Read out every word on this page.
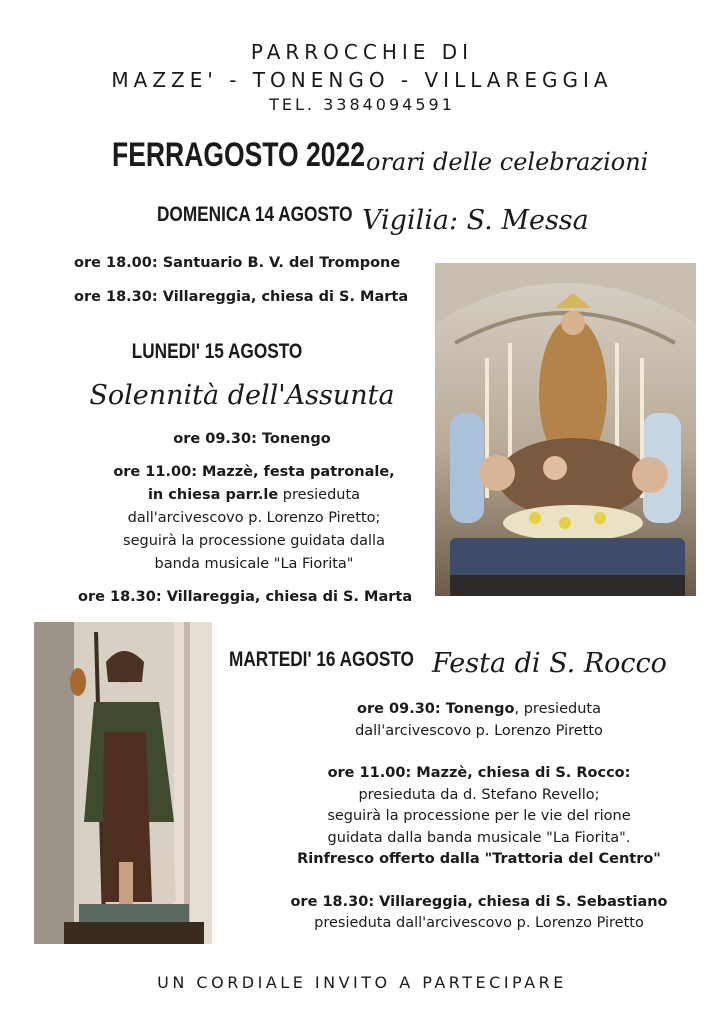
PARROCCHIE DI
MAZZE' - TONENGO - VILLAREGGIA
TEL. 3384094591
FERRAGOSTO 2022 orari delle celebrazioni
DOMENICA 14 AGOSTO Vigilia: S. Messa
ore 18.00: Santuario B. V. del Trompone
ore 18.30: Villareggia, chiesa di S. Marta
LUNEDI' 15 AGOSTO
Solennità dell'Assunta
ore 09.30: Tonengo
ore 11.00: Mazzè, festa patronale,
in chiesa parr.le presieduta
dall'arcivescovo p. Lorenzo Piretto;
seguirà la processione guidata dalla
banda musicale "La Fiorita"
ore 18.30: Villareggia, chiesa di S. Marta
MARTEDI' 16 AGOSTO Festa di S. Rocco
ore 09.30: Tonengo, presieduta
dall'arcivescovo p. Lorenzo Piretto
ore 11.00: Mazzè, chiesa di S. Rocco:
presieduta da d. Stefano Revello;
seguirà la processione per le vie del rione
guidata dalla banda musicale "La Fiorita".
Rinfresco offerto dalla "Trattoria del Centro"
ore 18.30: Villareggia, chiesa di S. Sebastiano
presieduta dall'arcivescovo p. Lorenzo Piretto
UN CORDIALE INVITO A PARTECIPARE
